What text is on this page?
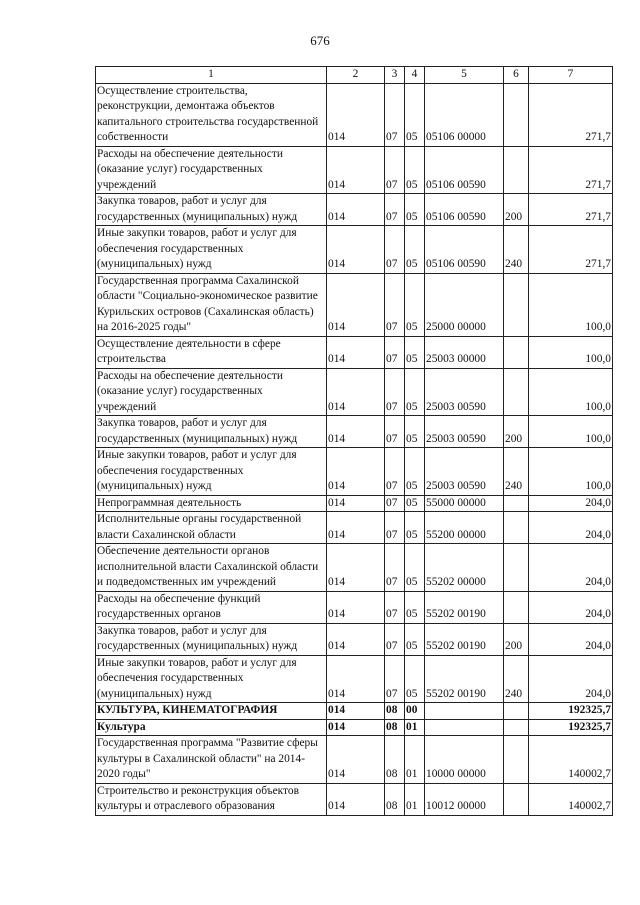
676
1	2	3	4	5	6	7
Осуществление строительства, реконструкции, демонтажа объектов капитального строительства государственной собственности	014	07	05	05106 00000		271,7
Расходы на обеспечение деятельности (оказание услуг) государственных учреждений	014	07	05	05106 00590		271,7
Закупка товаров, работ и услуг для государственных (муниципальных) нужд	014	07	05	05106 00590	200	271,7
Иные закупки товаров, работ и услуг для обеспечения государственных (муниципальных) нужд	014	07	05	05106 00590	240	271,7
Государственная программа Сахалинской области "Социально-экономическое развитие Курильских островов (Сахалинская область) на 2016-2025 годы"	014	07	05	25000 00000		100,0
Осуществление деятельности в сфере строительства	014	07	05	25003 00000		100,0
Расходы на обеспечение деятельности (оказание услуг) государственных учреждений	014	07	05	25003 00590		100,0
Закупка товаров, работ и услуг для государственных (муниципальных) нужд	014	07	05	25003 00590	200	100,0
Иные закупки товаров, работ и услуг для обеспечения государственных (муниципальных) нужд	014	07	05	25003 00590	240	100,0
Непрограммная деятельность	014	07	05	55000 00000		204,0
Исполнительные органы государственной власти Сахалинской области	014	07	05	55200 00000		204,0
Обеспечение деятельности органов исполнительной власти Сахалинской области и подведомственных им учреждений	014	07	05	55202 00000		204,0
Расходы на обеспечение функций государственных органов	014	07	05	55202 00190		204,0
Закупка товаров, работ и услуг для государственных (муниципальных) нужд	014	07	05	55202 00190	200	204,0
Иные закупки товаров, работ и услуг для обеспечения государственных (муниципальных) нужд	014	07	05	55202 00190	240	204,0
КУЛЬТУРА, КИНЕМАТОГРАФИЯ	014	08	00			192325,7
Культура	014	08	01			192325,7
Государственная программа "Развитие сферы культуры в Сахалинской области" на 2014-2020 годы"	014	08	01	10000 00000		140002,7
Строительство и реконструкция объектов культуры и отраслевого образования	014	08	01	10012 00000		140002,7
